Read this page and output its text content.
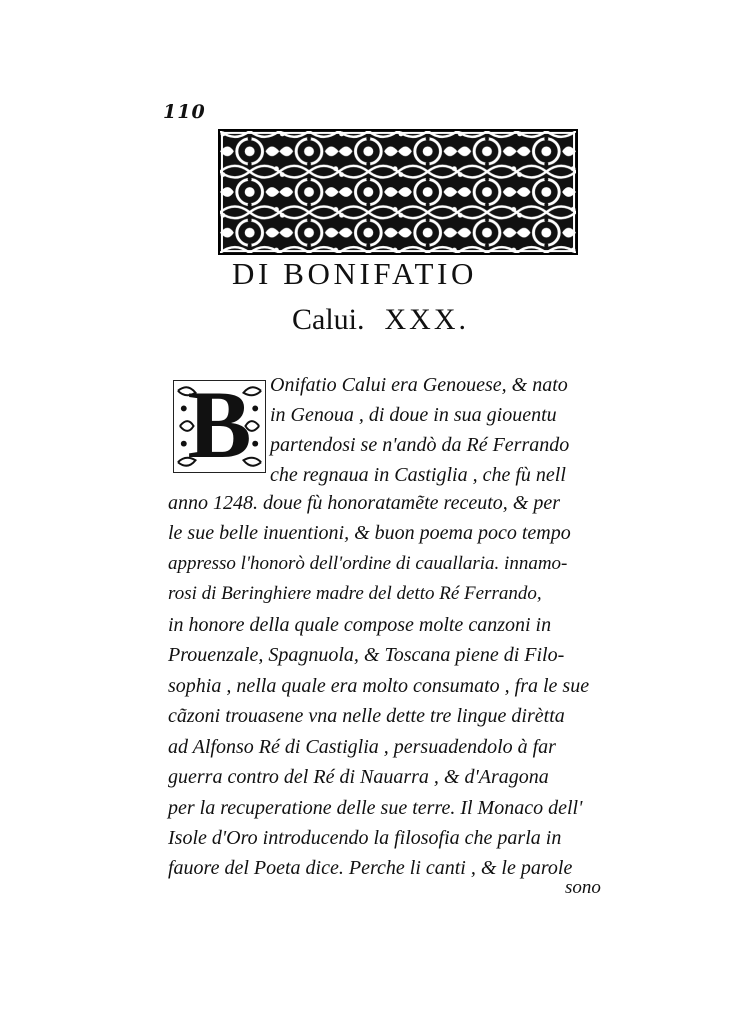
110
DI BONIFATIO
Calui. XXX.
B Onifatio Calui era Genouese, & nato
in Genoua , di doue in sua giouentu
partendosi se n'andò da Ré Ferrando
che regnaua in Castiglia , che fù nell
anno 1248. doue fù honoratamẽte receuto, & per
le sue belle inuentioni, & buon poema poco tempo
appresso l'honorò dell'ordine di cauallaria. innamo-
rosi di Beringhiere madre del detto Ré Ferrando,
in honore della quale compose molte canzoni in
Prouenzale, Spagnuola, & Toscana piene di Filo-
sophia , nella quale era molto consumato , fra le sue
cãzoni trouasene vna nelle dette tre lingue dirètta
ad Alfonso Ré di Castiglia , persuadendolo à far
guerra contro del Ré di Nauarra , & d'Aragona
per la recuperatione delle sue terre. Il Monaco dell'
Isole d'Oro introducendo la filosofia che parla in
fauore del Poeta dice. Perche li canti , & le parole
sono
